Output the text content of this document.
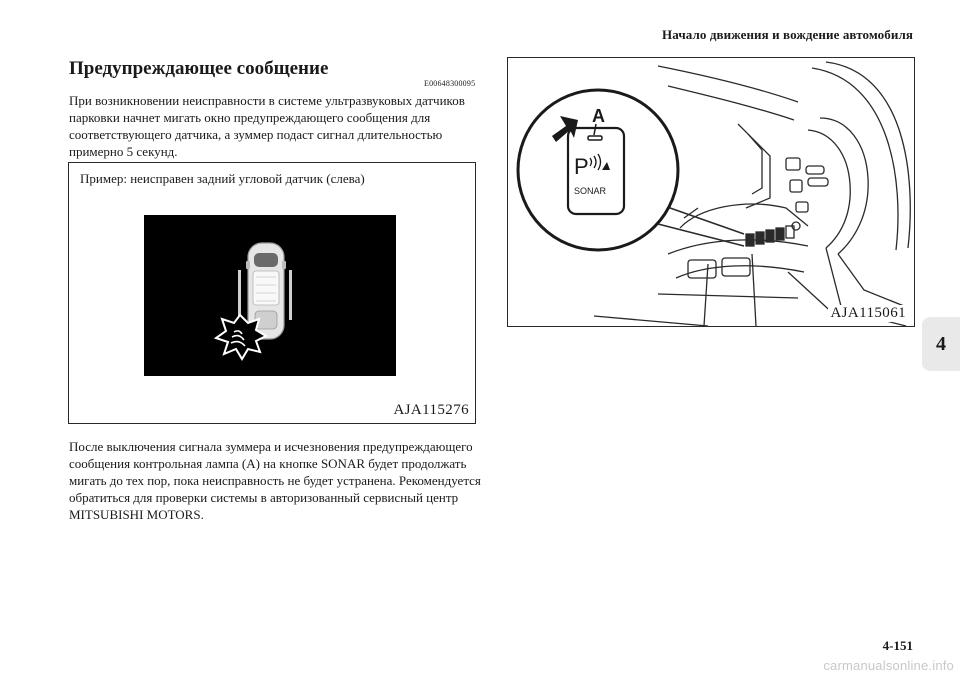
Начало движения и вождение автомобиля
4
Предупреждающее сообщение
E00648300095

При возникновении неисправности в системе ультразвуковых датчиков парковки начнет мигать окно предупреждающего сообщения для соответствующего датчика, а зуммер подаст сигнал длительностью примерно 5 секунд.

Пример: неисправен задний угловой датчик (слева)
AJA115276
A
P
SONAR
AJA115061

После выключения сигнала зуммера и исчезновения предупреждающего сообщения контрольная лампа (A) на кнопке SONAR будет продолжать мигать до тех пор, пока неисправность не будет устранена. Рекомендуется обратиться для проверки системы в авторизованный сервисный центр MITSUBISHI MOTORS.

4-151
carmanualsonline.info
